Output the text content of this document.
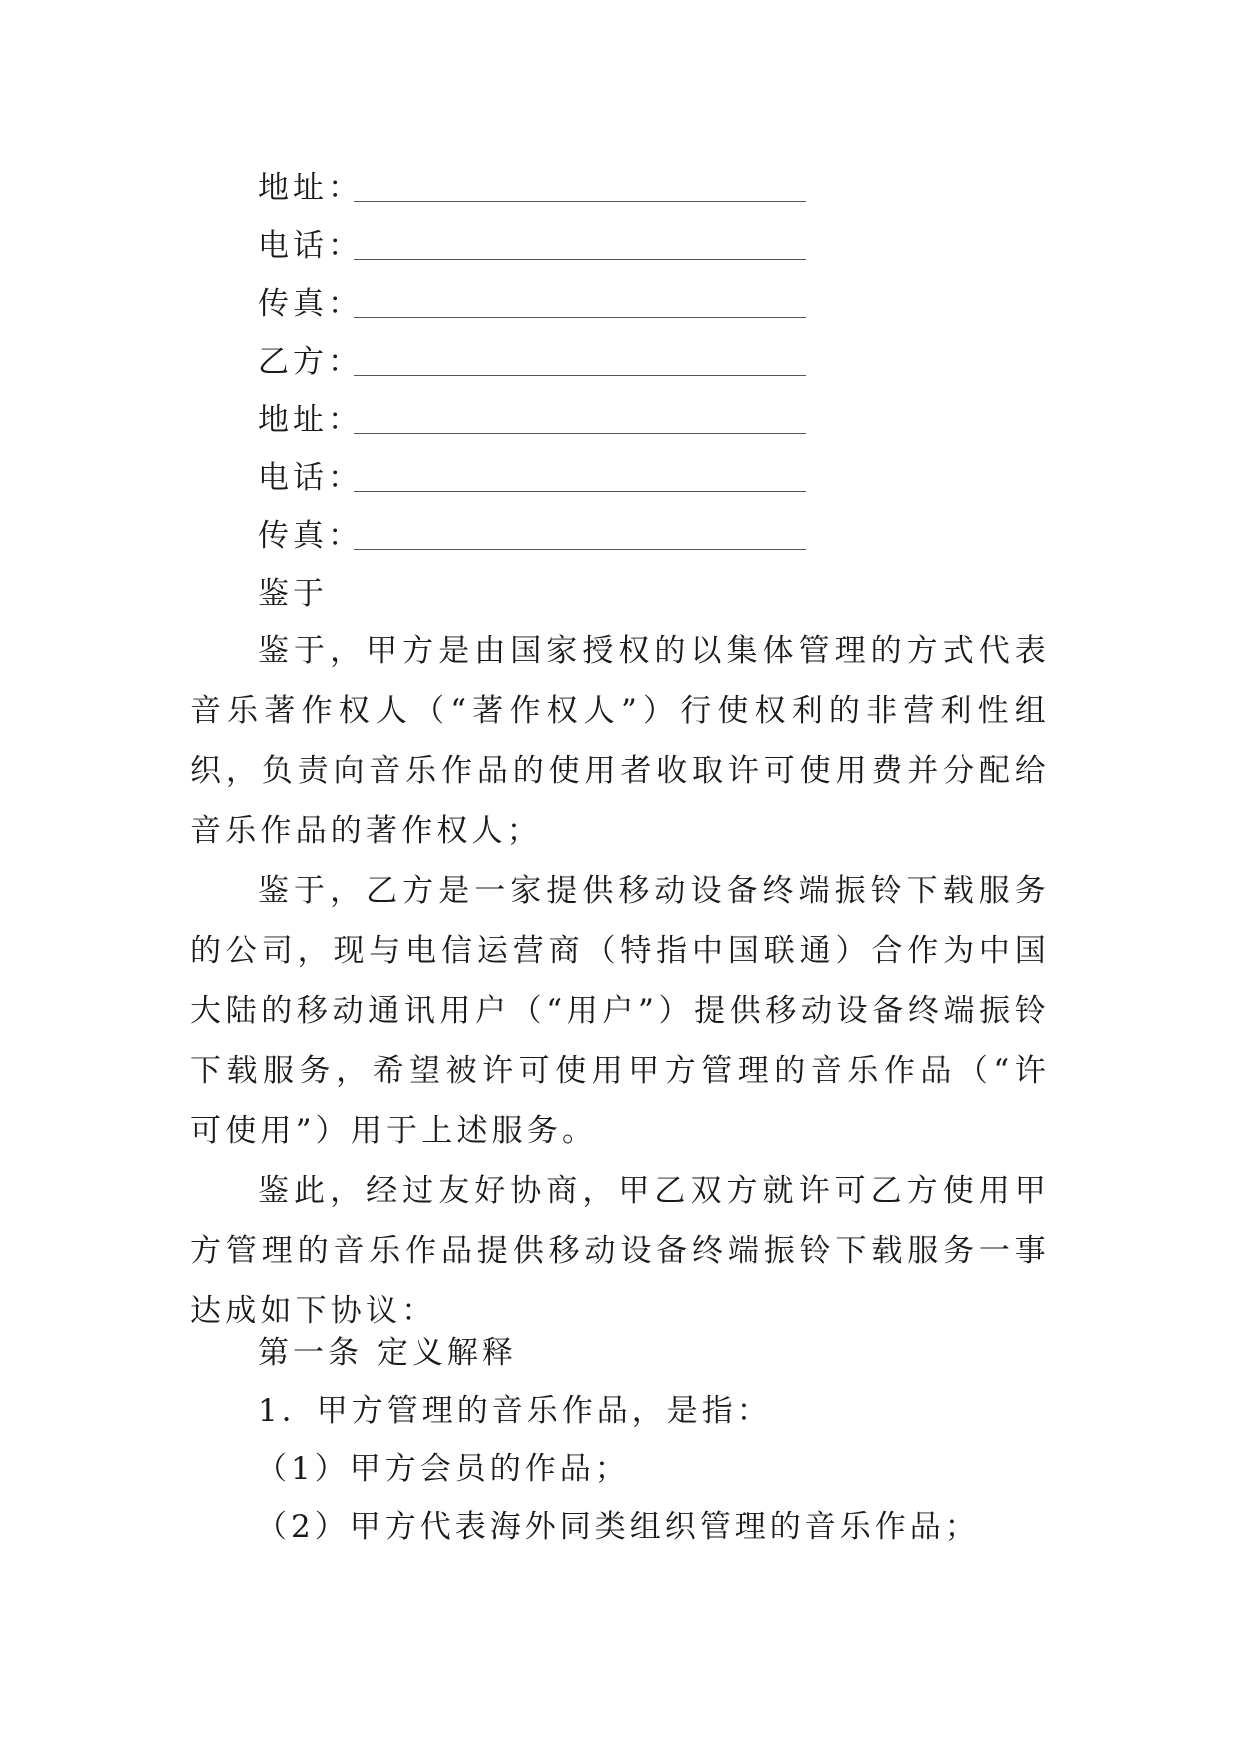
地址：
电话：
传真：
乙方：
地址：
电话：
传真：
鉴于

鉴于，甲方是由国家授权的以集体管理的方式代表音乐著作权人（“著作权人”）行使权利的非营利性组织，负责向音乐作品的使用者收取许可使用费并分配给音乐作品的著作权人；

鉴于，乙方是一家提供移动设备终端振铃下载服务的公司，现与电信运营商（特指中国联通）合作为中国大陆的移动通讯用户（“用户”）提供移动设备终端振铃下载服务，希望被许可使用甲方管理的音乐作品（“许可使用”）用于上述服务。

鉴此，经过友好协商，甲乙双方就许可乙方使用甲方管理的音乐作品提供移动设备终端振铃下载服务一事达成如下协议：

第一条 定义解释
1．甲方管理的音乐作品，是指：
（1）甲方会员的作品；
（2）甲方代表海外同类组织管理的音乐作品；
